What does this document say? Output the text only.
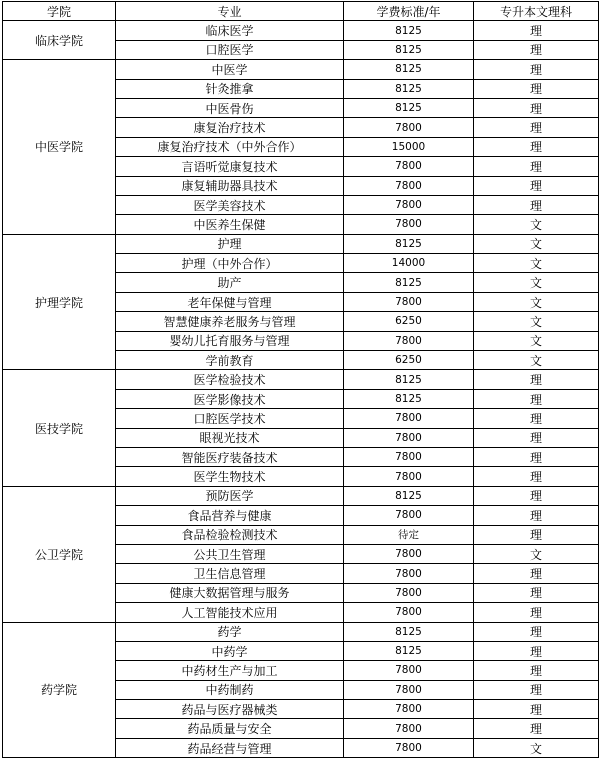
学院	专业	学费标准/年	专升本文理科
临床学院	临床医学	8125	理
	口腔医学	8125	理
中医学院	中医学	8125	理
	针灸推拿	8125	理
	中医骨伤	8125	理
	康复治疗技术	7800	理
	康复治疗技术（中外合作）	15000	理
	言语听觉康复技术	7800	理
	康复辅助器具技术	7800	理
	医学美容技术	7800	理
	中医养生保健	7800	文
护理学院	护理	8125	文
	护理（中外合作）	14000	文
	助产	8125	文
	老年保健与管理	7800	文
	智慧健康养老服务与管理	6250	文
	婴幼儿托育服务与管理	7800	文
	学前教育	6250	文
医技学院	医学检验技术	8125	理
	医学影像技术	8125	理
	口腔医学技术	7800	理
	眼视光技术	7800	理
	智能医疗装备技术	7800	理
	医学生物技术	7800	理
公卫学院	预防医学	8125	理
	食品营养与健康	7800	理
	食品检验检测技术	待定	理
	公共卫生管理	7800	文
	卫生信息管理	7800	理
	健康大数据管理与服务	7800	理
	人工智能技术应用	7800	理
药学院	药学	8125	理
	中药学	8125	理
	中药材生产与加工	7800	理
	中药制药	7800	理
	药品与医疗器械类	7800	理
	药品质量与安全	7800	理
	药品经营与管理	7800	文
